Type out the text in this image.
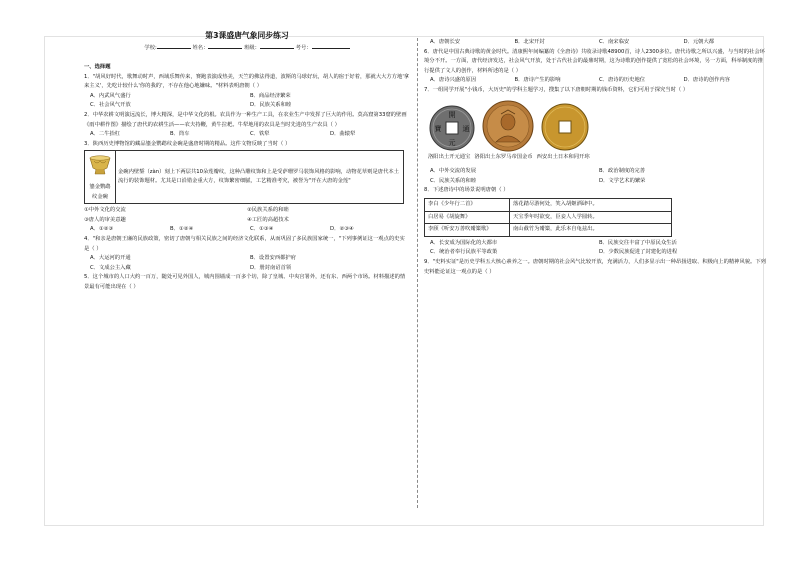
第3课盛唐气象同步练习
学校:	姓名：	班级：	考号：

一、选择题

1．"胡风好时代，歌舞动时声，西域乐舞传来，赛跑表演成热美，天竺的佛法得道，波斯的马球好玩，胡人的宿于好着，那就大大方方地'拿来主义'，先吃计较什么'你的我的'，不存在他心地嫌味。"材料表明唐朝（ ）

A．内武风气盛行	B．商品经济繁荣
C．社会风气开放	D．民族关系和睦

2．中华农耕文明演远流长，博大精深，是中华文化的根。农具作为一种生产工具，在农业生产中发挥了巨大的作用。莫高窟第33窟的壁画《雨中耕作图》描绘了唐代的农耕生活——农夫持鞭，黄牛拉耙。牛犁地用的农具是当时先进的生产农具（ ）

A．二牛抬杠	B．筒车	C．铁犁	D．曲辕犁

3．陕西历史博物馆的藏品鎏金鹦鹉纹金碗是盛唐时期的精品。这件文物反映了当时（ ）

鎏金鹦鹉纹金碗
	金碗内壁錾（zàn）刻上下两层共10朵莲瓣纹，这种凸雕纹饰和上是受萨珊罗马装饰风格的影响，动物花草则是唐代本土流行的装饰题材。尤其是口沿错金重大方，纹饰繁密细腻，工艺精准考究，被誉为"开在大唐的金莲"
①中外文化的交流	②民族关系的和睦
③唐人的审美意趣	④工匠的高超技术
A．①②③	B．①②④	C．①③④	D．②③④

4．"和亲是唐朝王廉的民族政策，密切了唐朝与相关民族之间的经济文化联系，从而巩固了多民族国家统一，"下列事例证这一观点的史实是（ ）

A．大运河的开通	B．设置安西都护府
C．文成公主入藏	D．册封南诏首领

5．这个城市的人口大约一百万，随处可见外国人，城内围墙成一百多个坊，除了皇城、中央宫署外，还有东、西两个市场。材料描述的情景最有可能出现在（ ）

A．唐朝长安	B．北宋开封	C．南宋临安	D．元朝大都

6．唐代是中国古典诗歌的黄金时代。清康熙年间编纂的《全唐诗》共收录诗歌48900首，诗人2300多位。唐代诗歌之所以兴盛，与当时的社会环境分不开。一方面，唐代经济发达，社会风气开放，处于古代社会的最鼎时期，这为诗歌的创作提供了宽松的社会环境，另一方面，科举制度的推行提供了文人的创作，材料所述的是（ ）

A．唐诗兴盛的原因	B．唐诗产生的影响	C．唐诗的历史地位	D．唐诗的创作内容

7．一组同学开展"小钱币，大历史"的学科主题学习，搜集了以下唐朝时期的钱币资料，它们可用于探究当时（ ）

開
元
寶	通
洛阳出土开元通宝 洛阳出土东罗马帝国金币 西安出土日本和同开珎
A．中外交流的发展	B．政治制度的完善
C．民族关系的和睦	D．文学艺术的繁荣

8．下述唐诗中的场景说明唐朝（ ）

李白《少年行二首》	落花踏尽游何处，笑入胡姬酒肆中。
白居易《胡旋舞》	天宝季年时欲变，臣妾人人学圆转。
李颀《听安万善吹觱篥歌》	南山截竹为觱篥，此乐本自龟兹出。
A．长安成为国际化的大都市	B．民族交往丰富了中原民众生活
C．统治者奉行民族平等政策	D．少数民族促进了封建化的进程

9．"史料实证"是历史学科五大核心素养之一。唐朝时期的社会风气比较开放，充满活力，人们多显示出一种昂扬进取、积极向上的精神风貌。下列史料能论证这一观点的是（ ）
